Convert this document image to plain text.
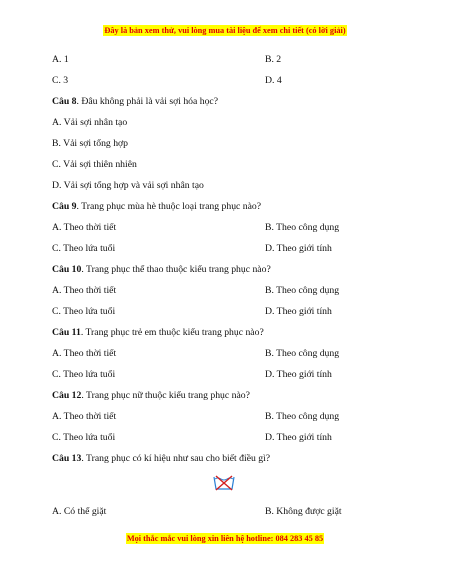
Đây là bản xem thử, vui lòng mua tài liệu để xem chi tiết (có lời giải)
A. 1	B. 2
C. 3	D. 4
Câu 8. Đâu không phải là vải sợi hóa học?
A. Vải sợi nhân tạo
B. Vải sợi tổng hợp
C. Vải sợi thiên nhiên
D. Vải sợi tổng hợp và vải sợi nhân tạo
Câu 9. Trang phục mùa hè thuộc loại trang phục nào?
A. Theo thời tiết	B. Theo công dụng
C. Theo lứa tuổi	D. Theo giới tính
Câu 10. Trang phục thể thao thuộc kiểu trang phục nào?
A. Theo thời tiết	B. Theo công dụng
C. Theo lứa tuổi	D. Theo giới tính
Câu 11. Trang phục trẻ em thuộc kiểu trang phục nào?
A. Theo thời tiết	B. Theo công dụng
C. Theo lứa tuổi	D. Theo giới tính
Câu 12. Trang phục nữ thuộc kiểu trang phục nào?
A. Theo thời tiết	B. Theo công dụng
C. Theo lứa tuổi	D. Theo giới tính
Câu 13. Trang phục có kí hiệu như sau cho biết điều gì?
A. Có thể giặt	B. Không được giặt
Mọi thắc mắc vui lòng xin liên hệ hotline: 084 283 45 85
